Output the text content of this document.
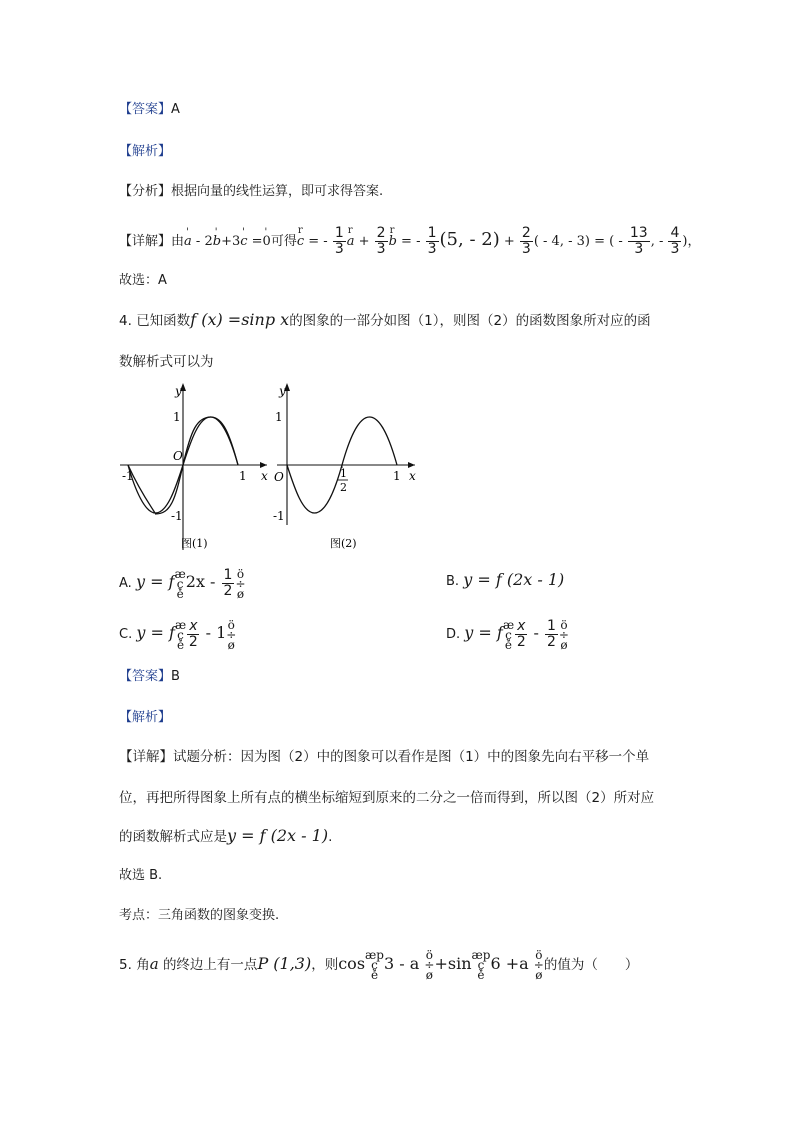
【答案】A
【解析】
【分析】根据向量的线性运算，即可求得答案.
【详解】由' a - 2' b+3' c =' 0可得r c = - $\frac{1}{3}$ r $a + \frac{2}{3}$ r b = - $\frac{1}{3} (5$, - $2) + \frac{2}{3}$ ( - 4, - 3) = ( - $\frac{13}{3}$ , - $\frac{4}{3}$ )，
故选：A
4. 已知函数f (x) =sinp x的图象的一部分如图（1），则图（2）的函数图象所对应的函
数解析式可以为
y
x
O
1
-1
-1	1
图(1)
y
x
O
1
-1
1
2
1
图(2)
A. y = f æ
ç
è
$2x - \frac{1}{2}$ ö
÷
ø
B. y = f (2x - 1)
C. y = f æ
ç
è $\frac{x}{2} - 1$ ö
÷
ø
D. y = f æ
ç
è $\frac{x}{2} - \frac{1}{2}$ ö
÷
ø
【答案】B
【解析】
【详解】试题分析：因为图（2）中的图象可以看作是图（1）中的图象先向右平移一个单
位，再把所得图象上所有点的横坐标缩短到原来的二分之一倍而得到，所以图（2）所对应
的函数解析式应是y = f (2x - 1).
故选 B.
考点：三角函数的图象变换.
5. 角a 的终边上有一点P (1,3)，则cos æp
ç
è
3 - a ö
÷
ø
+sin æp
ç
è
6 +a ö
÷
ø
的值为（　　）
